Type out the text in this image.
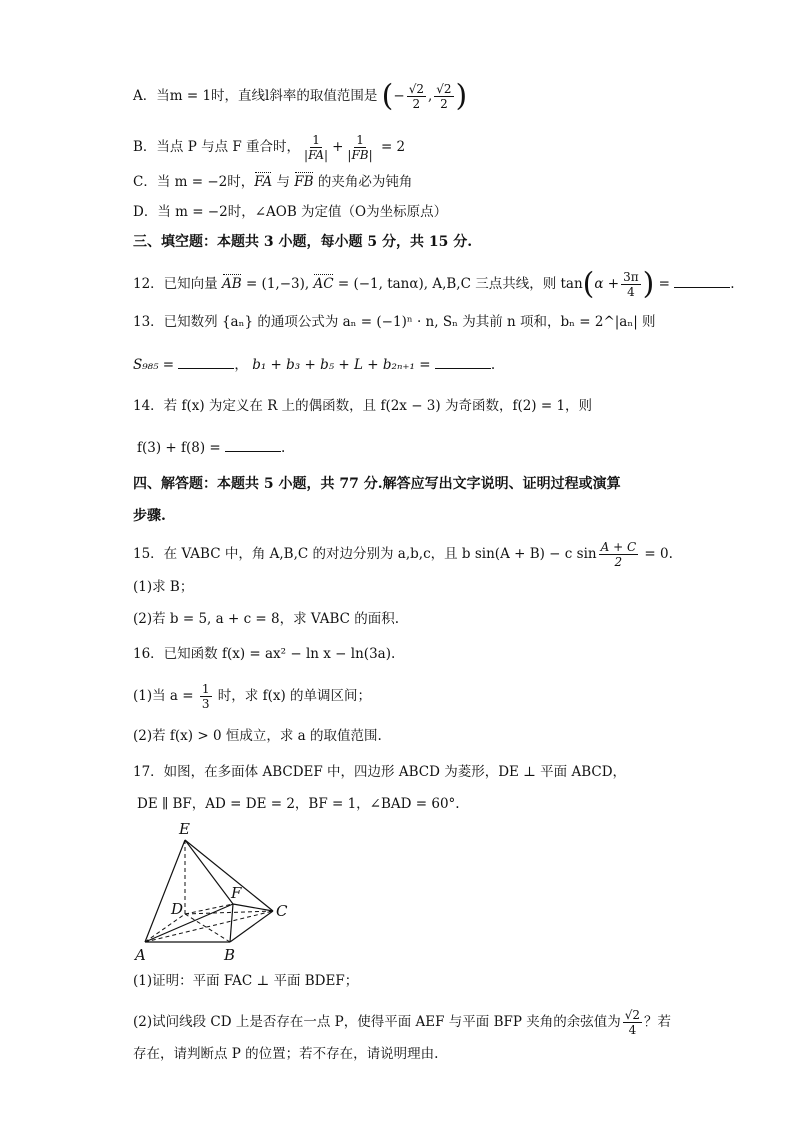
A．当m = 1时，直线l斜率的取值范围是 (− $\frac{√2}{2}$ , $\frac{√2}{2}$ )
B．当点 P 与点 F 重合时， $\frac{1}{|FA|} + \frac{1}{|FB|} = 2$
C．当 m = −2时，FA 与 FB 的夹角必为钝角
D．当 m = −2时，∠AOB 为定值（O为坐标原点）
三、填空题：本题共 3 小题，每小题 5 分，共 15 分.
12．已知向量 AB = (1,−3), AC = (−1, tanα), A,B,C 三点共线，则 $\tan(\alpha + \frac{3\pi}{4}$ ) =	.
13．已知数列 {aₙ} 的通项公式为 aₙ = (−1)ⁿ · n, Sₙ 为其前 n 项和，bₙ = 2^|aₙ| 则
S₉₈₅ =	， b₁ + b₃ + b₅ + L + b₂ₙ₊₁ =	.
14．若 f(x) 为定义在 R 上的偶函数，且 f(2x − 3) 为奇函数，f(2) = 1，则
f(3) + f(8) =	.
四、解答题：本题共 5 小题，共 77 分.解答应写出文字说明、证明过程或演算
步骤.
15．在 VABC 中，角 A,B,C 的对边分别为 a,b,c，且 b sin(A + B) − c $\sin \frac{A + C}{2} = 0$.
(1)求 B；
(2)若 b = 5, a + c = 8，求 VABC 的面积.
16．已知函数 f(x) = ax² − ln x − ln(3a).
(1)当 $a = \frac{1}{3}$ 时，求 f(x) 的单调区间；
(2)若 f(x) > 0 恒成立，求 a 的取值范围.
17．如图，在多面体 ABCDEF 中，四边形 ABCD 为菱形，DE ⊥ 平面 ABCD，
DE ∥ BF，AD = DE = 2，BF = 1，∠BAD = 60°.
E
F
D	C
A	B
(1)证明：平面 FAC ⊥ 平面 BDEF；
(2)试问线段 CD 上是否存在一点 P，使得平面 AEF 与平面 BFP 夹角的余弦值为 $\frac{√2}{4}$ ？若
存在，请判断点 P 的位置；若不存在，请说明理由.
